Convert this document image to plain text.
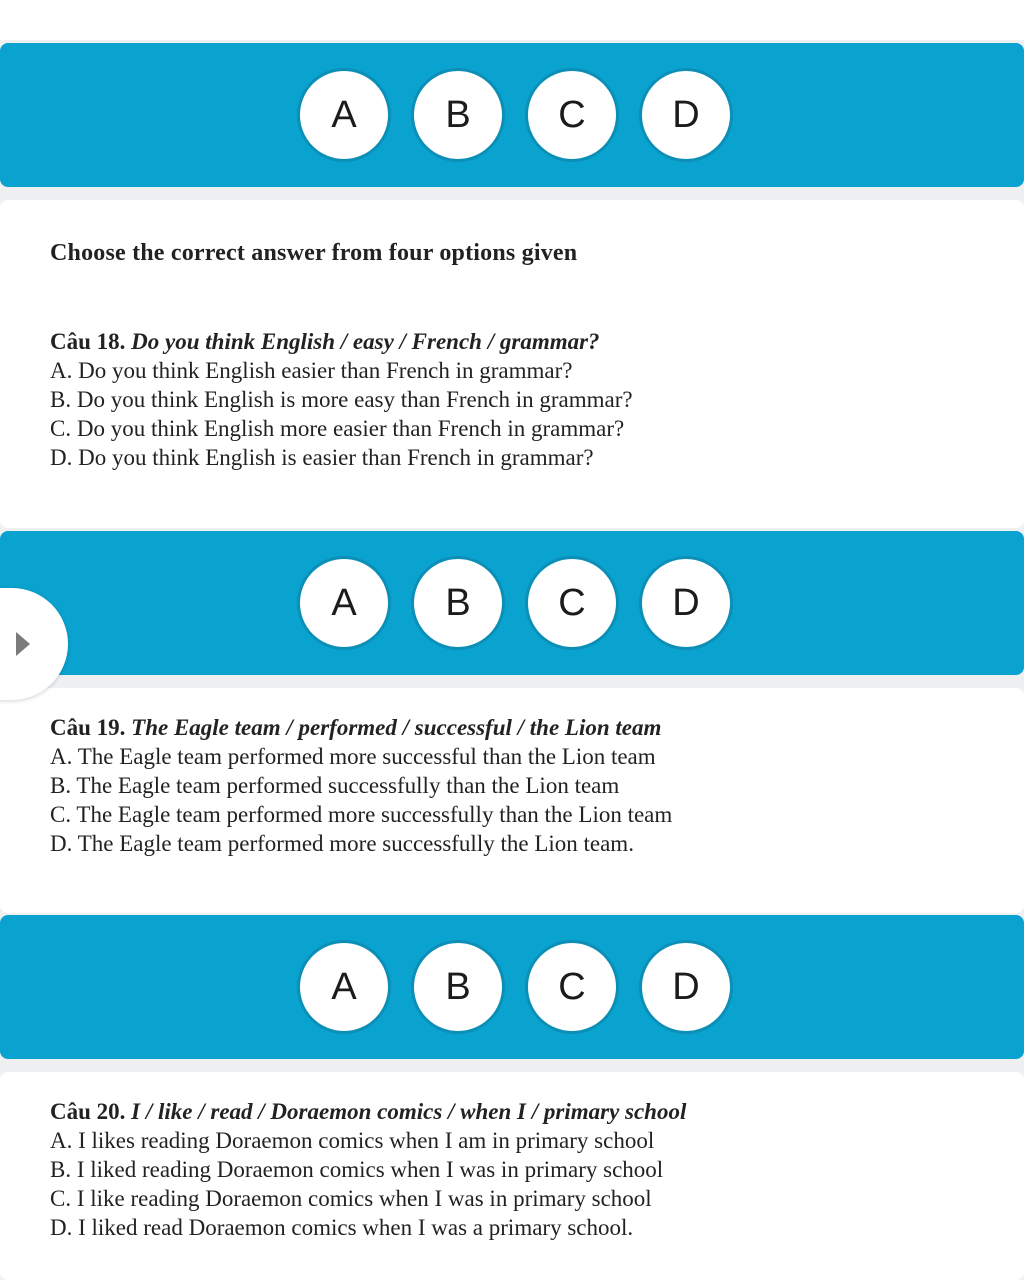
A	B	C	D
Choose the correct answer from four options given
Câu 18. Do you think English / easy / French / grammar?
A. Do you think English easier than French in grammar?
B. Do you think English is more easy than French in grammar?
C. Do you think English more easier than French in grammar?
D. Do you think English is easier than French in grammar?
A	B	C	D
Câu 19. The Eagle team / performed / successful / the Lion team
A. The Eagle team performed more successful than the Lion team
B. The Eagle team performed successfully than the Lion team
C. The Eagle team performed more successfully than the Lion team
D. The Eagle team performed more successfully the Lion team.
A	B	C	D
Câu 20. I / like / read / Doraemon comics / when I / primary school
A. I likes reading Doraemon comics when I am in primary school
B. I liked reading Doraemon comics when I was in primary school
C. I like reading Doraemon comics when I was in primary school
D. I liked read Doraemon comics when I was a primary school.
